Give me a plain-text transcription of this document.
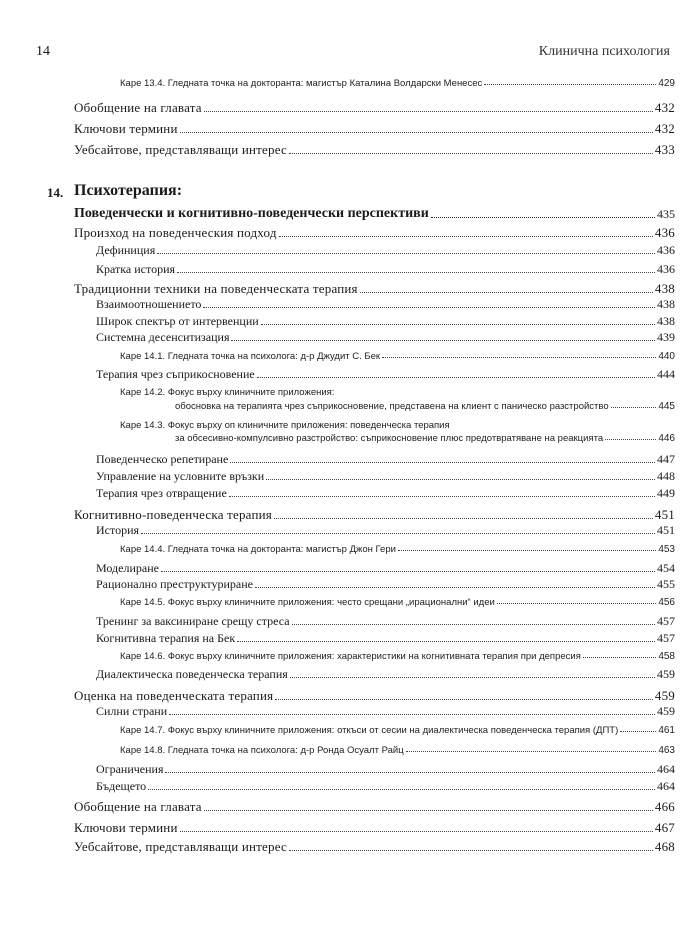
14	Клинична психология
Каре 13.4. Гледната точка на докторанта: магистър Каталина Волдарски Менесес	429
Обобщение на главата	432
Ключови термини	432
Уебсайтове, представляващи интерес	433
14. Психотерапия:
Поведенчески и когнитивно-поведенчески перспективи	435
Произход на поведенческия подход	436
Дефиниция	436
Кратка история	436
Традиционни техники на поведенческата терапия	438
Взаимоотношението	438
Широк спектър от интервенции	438
Системна десенситизация	439
Каре 14.1. Гледната точка на психолога: д-р Джудит С. Бек	440
Терапия чрез съприкосновение	444
Каре 14.2. Фокус върху клиничните приложения:
обосновка на терапията чрез съприкосновение, представена на клиент с паническо разстройство	445
Каре 14.3. Фокус върху оп клиничните приложения: поведенческа терапия
за обсесивно-компулсивно разстройство: съприкосновение плюс предотвратяване на реакцията	446
Поведенческо репетиране	447
Управление на условните връзки	448
Терапия чрез отвращение	449
Когнитивно-поведенческа терапия	451
История	451
Каре 14.4. Гледната точка на докторанта: магистър Джон Гери	453
Моделиране	454
Рационално преструктуриране	455
Каре 14.5. Фокус върху клиничните приложения: често срещани „ирационални“ идеи	456
Тренинг за ваксиниране срещу стреса	457
Когнитивна терапия на Бек	457
Каре 14.6. Фокус върху клиничните приложения: характеристики на когнитивната терапия при депресия	458
Диалектическа поведенческа терапия	459
Оценка на поведенческата терапия	459
Силни страни	459
Каре 14.7. Фокус върху клиничните приложения: откъси от сесии на диалектическа поведенческа терапия (ДПТ)	461
Каре 14.8. Гледната точка на психолога: д-р Ронда Осуалт Райц	463
Ограничения	464
Бъдещето	464
Обобщение на главата	466
Ключови термини	467
Уебсайтове, представляващи интерес	468
